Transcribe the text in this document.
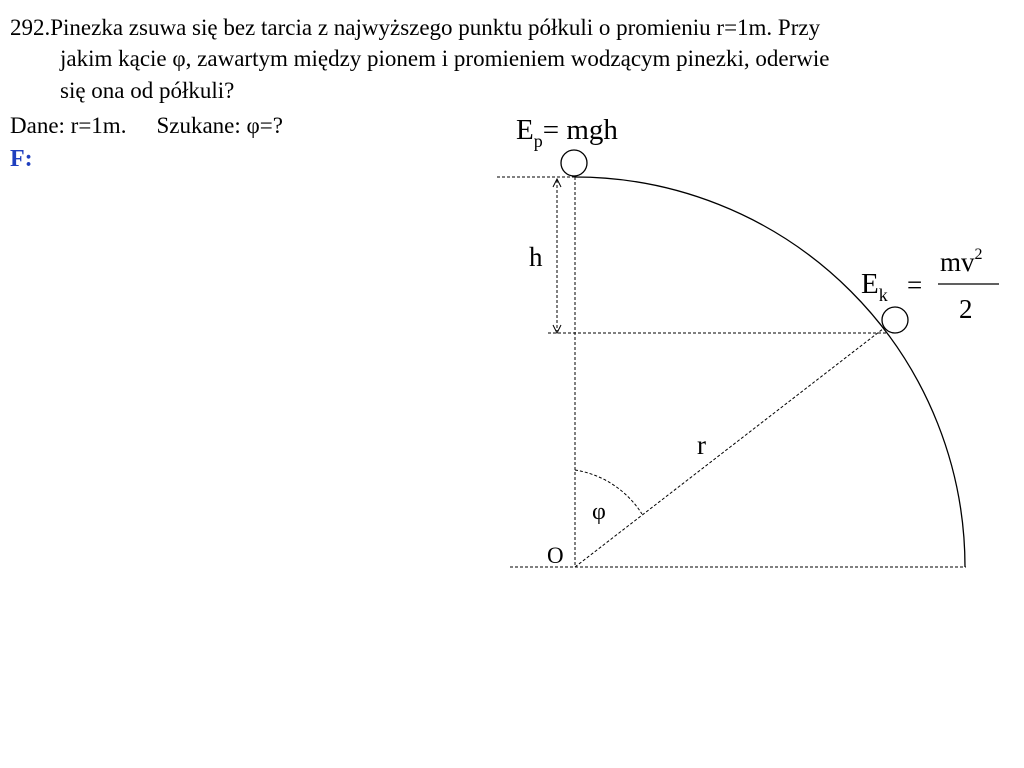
292.Pinezka zsuwa się bez tarcia z najwyższego punktu półkuli o promieniu r=1m. Przy
jakim kącie φ, zawartym między pionem i promieniem wodzącym pinezki, oderwie
się ona od półkuli?
Dane: r=1m. Szukane: φ=?
F:
$E_p=$ mgh
$E_k$ =
$mv^2$
2
h
r
φ
O
